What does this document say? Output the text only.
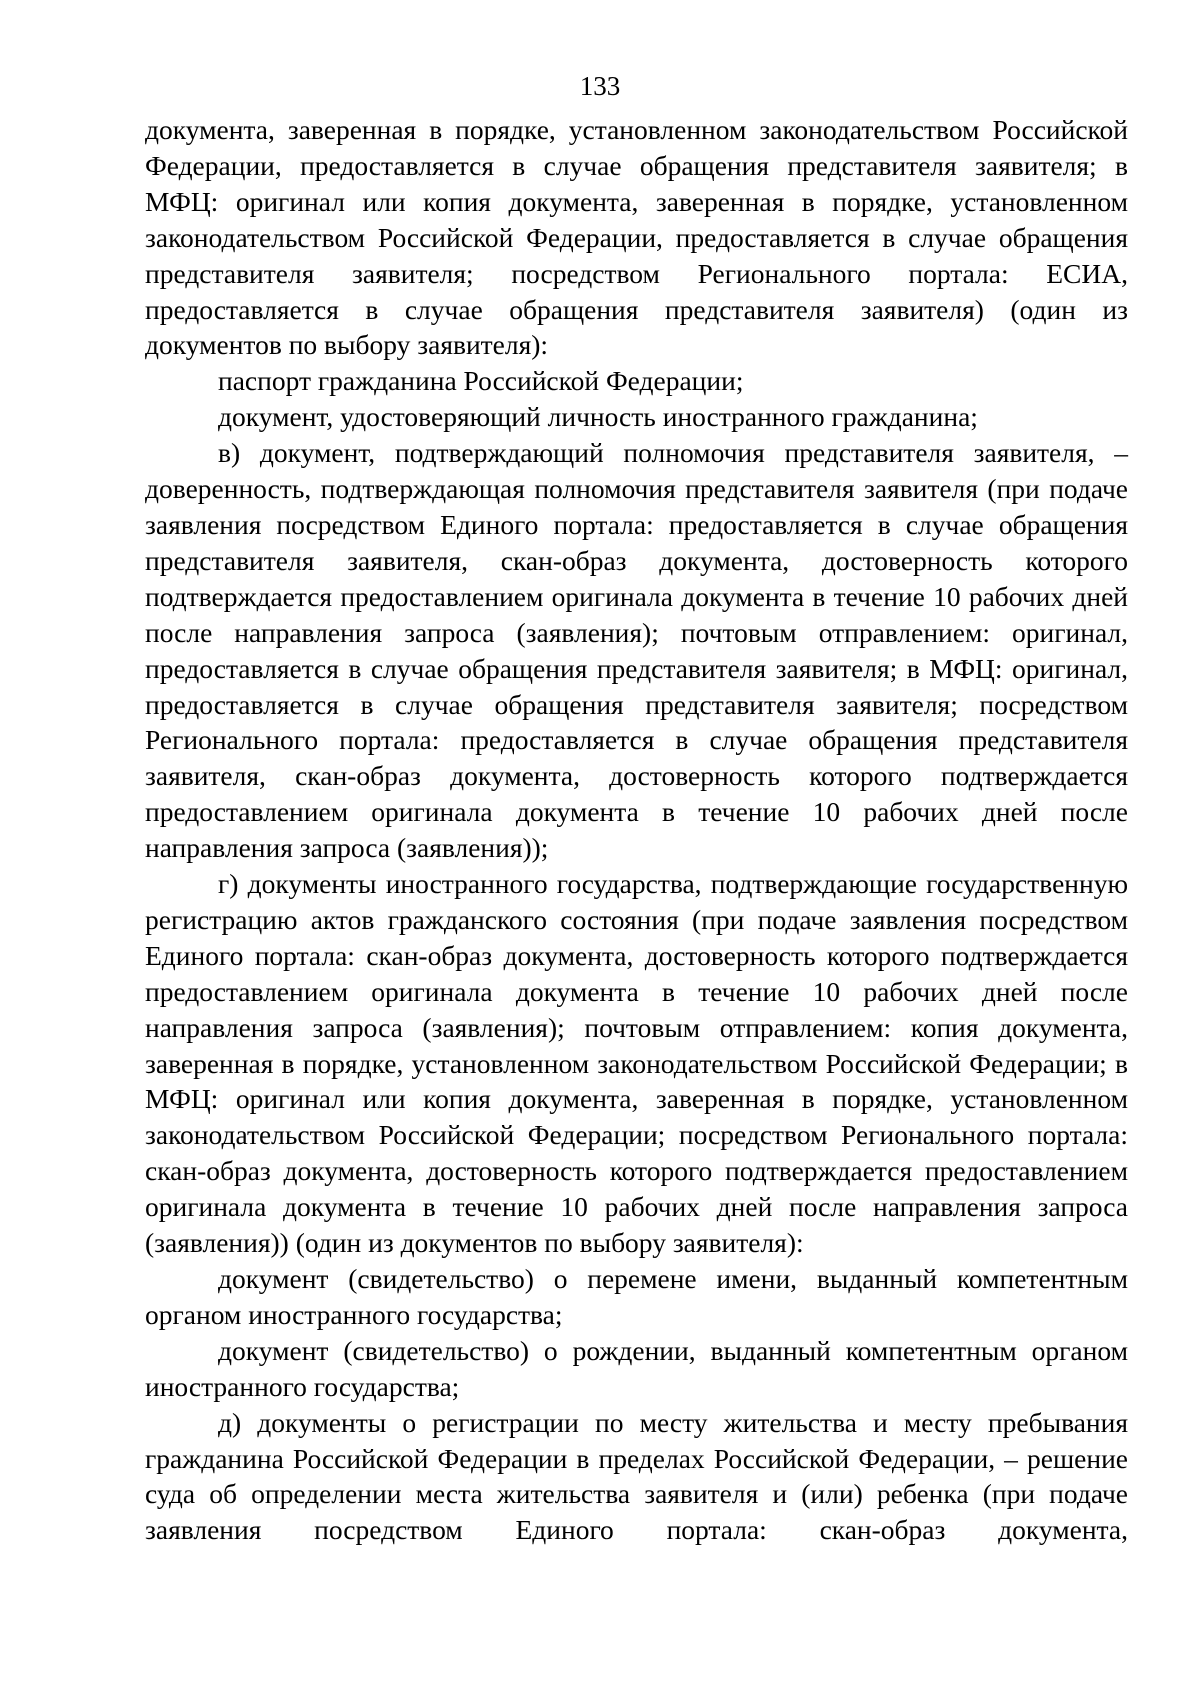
133

документа, заверенная в порядке, установленном законодательством Российской Федерации, предоставляется в случае обращения представителя заявителя; в МФЦ: оригинал или копия документа, заверенная в порядке, установленном законодательством Российской Федерации, предоставляется в случае обращения представителя заявителя; посредством Регионального портала: ЕСИА, предоставляется в случае обращения представителя заявителя) (один из документов по выбору заявителя):

паспорт гражданина Российской Федерации;

документ, удостоверяющий личность иностранного гражданина;

в) документ, подтверждающий полномочия представителя заявителя, – доверенность, подтверждающая полномочия представителя заявителя (при подаче заявления посредством Единого портала: предоставляется в случае обращения представителя заявителя, скан-образ документа, достоверность которого подтверждается предоставлением оригинала документа в течение 10 рабочих дней после направления запроса (заявления); почтовым отправлением: оригинал, предоставляется в случае обращения представителя заявителя; в МФЦ: оригинал, предоставляется в случае обращения представителя заявителя; посредством Регионального портала: предоставляется в случае обращения представителя заявителя, скан-образ документа, достоверность которого подтверждается предоставлением оригинала документа в течение 10 рабочих дней после направления запроса (заявления));

г) документы иностранного государства, подтверждающие государственную регистрацию актов гражданского состояния (при подаче заявления посредством Единого портала: скан-образ документа, достоверность которого подтверждается предоставлением оригинала документа в течение 10 рабочих дней после направления запроса (заявления); почтовым отправлением: копия документа, заверенная в порядке, установленном законодательством Российской Федерации; в МФЦ: оригинал или копия документа, заверенная в порядке, установленном законодательством Российской Федерации; посредством Регионального портала: скан-образ документа, достоверность которого подтверждается предоставлением оригинала документа в течение 10 рабочих дней после направления запроса (заявления)) (один из документов по выбору заявителя):

документ (свидетельство) о перемене имени, выданный компетентным органом иностранного государства;

документ (свидетельство) о рождении, выданный компетентным органом иностранного государства;

д) документы о регистрации по месту жительства и месту пребывания гражданина Российской Федерации в пределах Российской Федерации, – решение суда об определении места жительства заявителя и (или) ребенка (при подаче заявления посредством Единого портала: скан-образ документа,
